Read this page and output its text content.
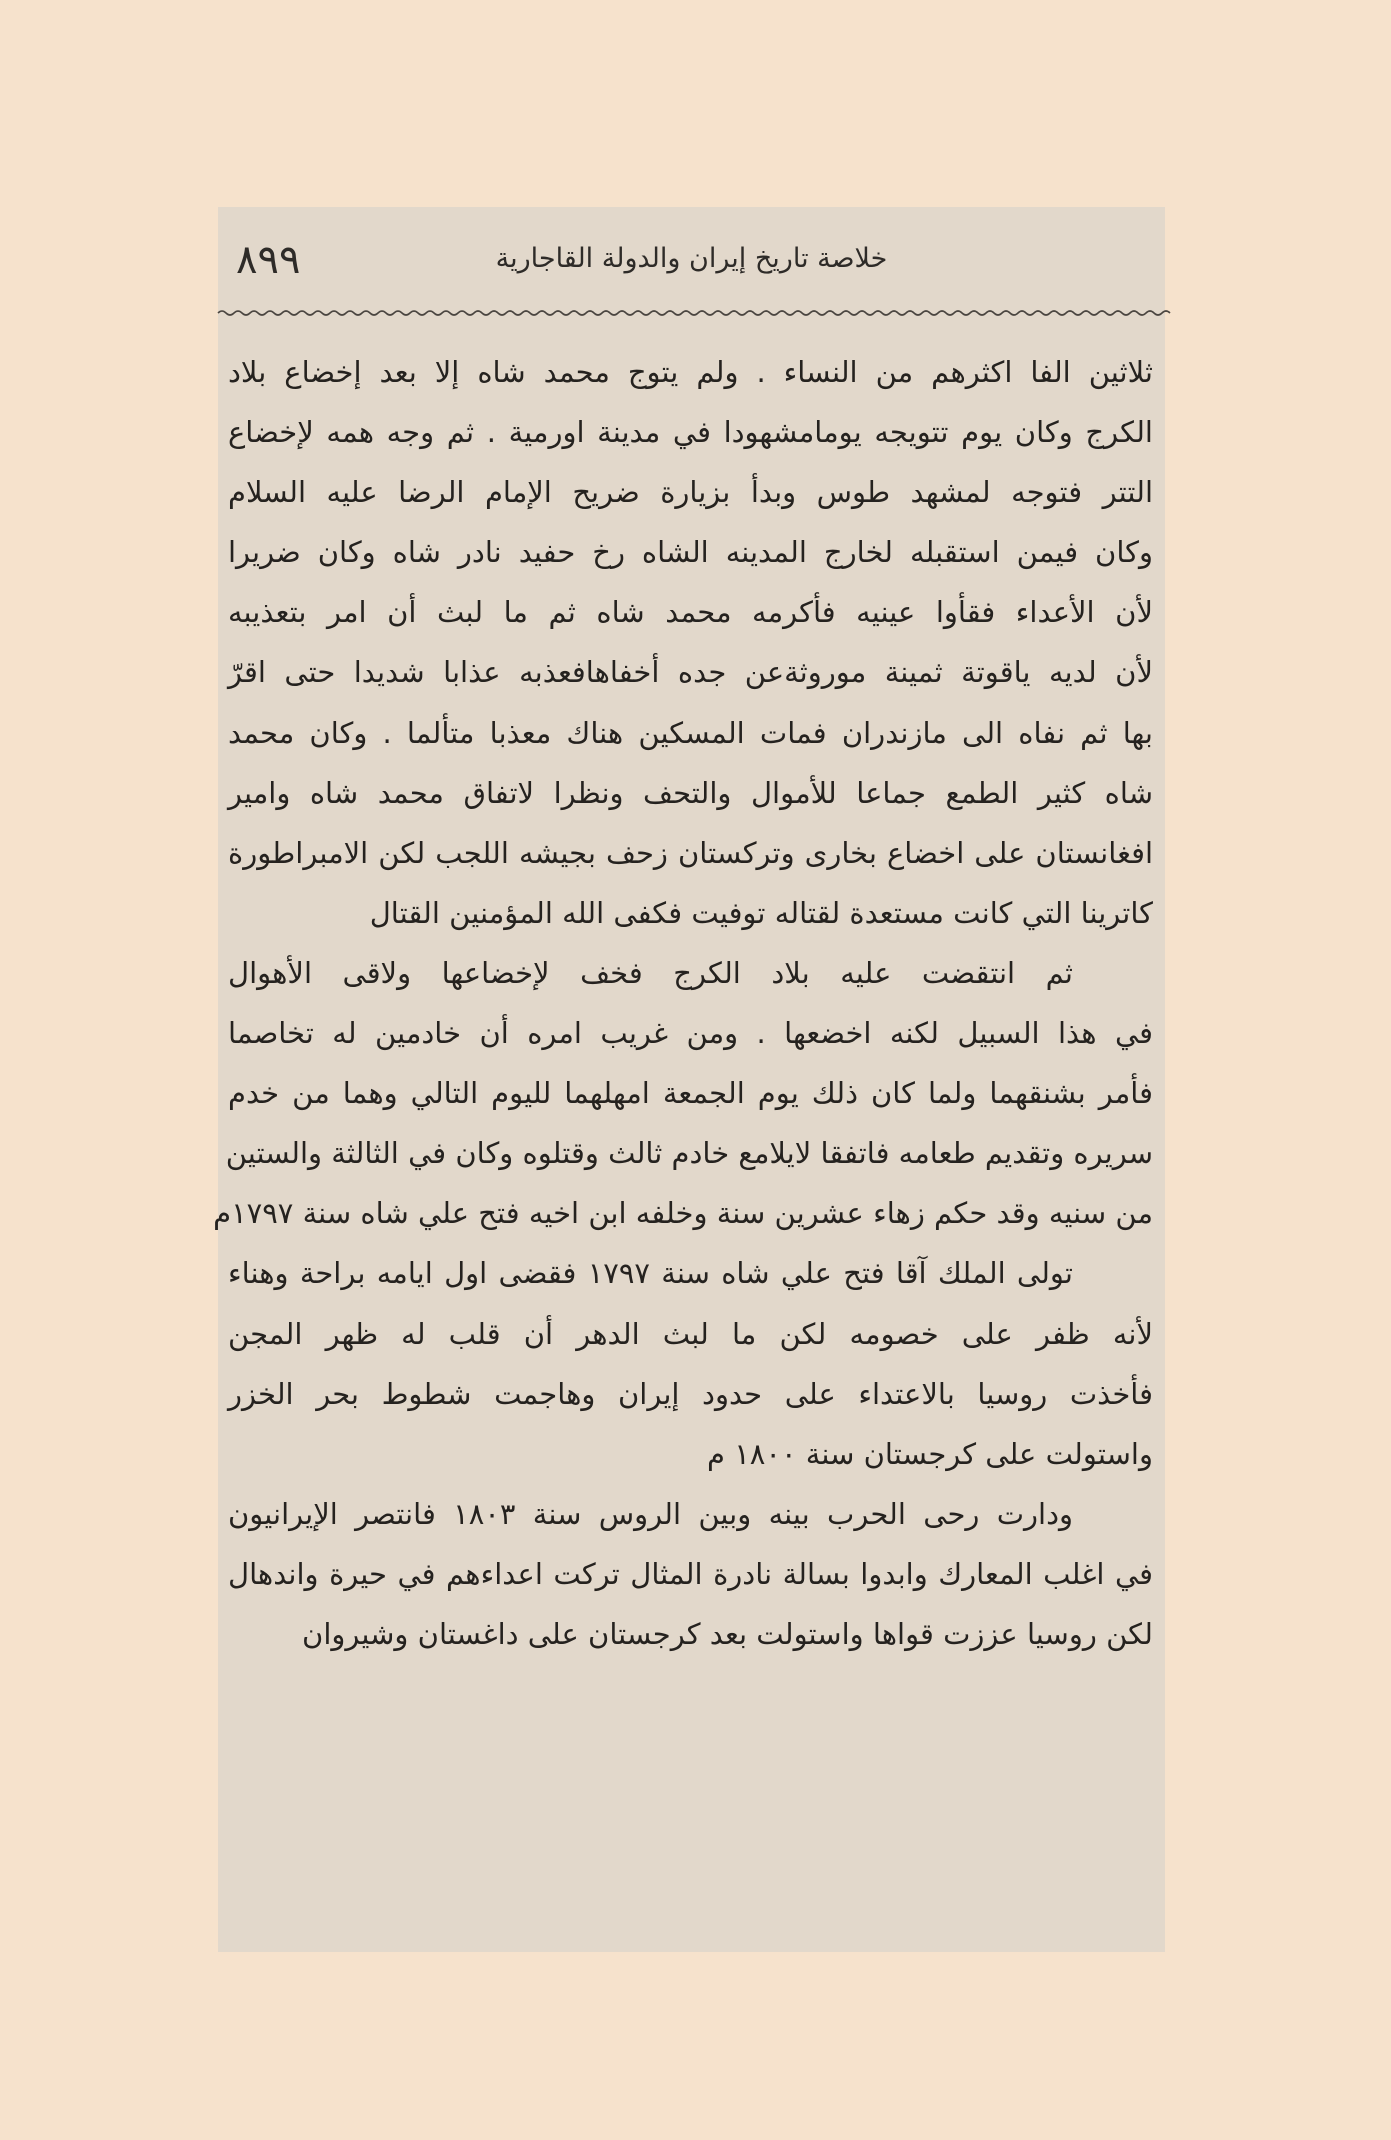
٨٩٩	خلاصة تاريخ إيران والدولة القاجارية
ثلاثين الفا اكثرهم من النساء . ولم يتوج محمد شاه إلا بعد إخضاع بلاد
الكرج وكان يوم تتويجه يومامشهودا في مدينة اورمية . ثم وجه همه لإخضاع
التتر فتوجه لمشهد طوس وبدأ بزيارة ضريح الإمام الرضا عليه السلام
وكان فيمن استقبله لخارج المدينه الشاه رخ حفيد نادر شاه وكان ضريرا
لأن الأعداء فقأوا عينيه فأكرمه محمد شاه ثم ما لبث أن امر بتعذيبه
لأن لديه ياقوتة ثمينة موروثةعن جده أخفاهافعذبه عذابا شديدا حتى اقرّ
بها ثم نفاه الى مازندران فمات المسكين هناك معذبا متألما . وكان محمد
شاه كثير الطمع جماعا للأموال والتحف ونظرا لاتفاق محمد شاه وامير
افغانستان على اخضاع بخارى وتركستان زحف بجيشه اللجب لكن الامبراطورة
كاترينا التي كانت مستعدة لقتاله توفيت فكفى الله المؤمنين القتال
ثم انتقضت عليه بلاد الكرج فخف لإخضاعها ولاقى الأهوال
في هذا السبيل لكنه اخضعها . ومن غريب امره أن خادمين له تخاصما
فأمر بشنقهما ولما كان ذلك يوم الجمعة امهلهما لليوم التالي وهما من خدم
سريره وتقديم طعامه فاتفقا لايلامع خادم ثالث وقتلوه وكان في الثالثة والستين
من سنيه وقد حكم زهاء عشرين سنة وخلفه ابن اخيه فتح علي شاه سنة ١٧٩٧م
تولى الملك آقا فتح علي شاه سنة ١٧٩٧ فقضى اول ايامه براحة وهناء
لأنه ظفر على خصومه لكن ما لبث الدهر أن قلب له ظهر المجن
فأخذت روسيا بالاعتداء على حدود إيران وهاجمت شطوط بحر الخزر
واستولت على كرجستان سنة ١٨٠٠ م
ودارت رحى الحرب بينه وبين الروس سنة ١٨٠٣ فانتصر الإيرانيون
في اغلب المعارك وابدوا بسالة نادرة المثال تركت اعداءهم في حيرة واندهال
لكن روسيا عززت قواها واستولت بعد كرجستان على داغستان وشيروان
